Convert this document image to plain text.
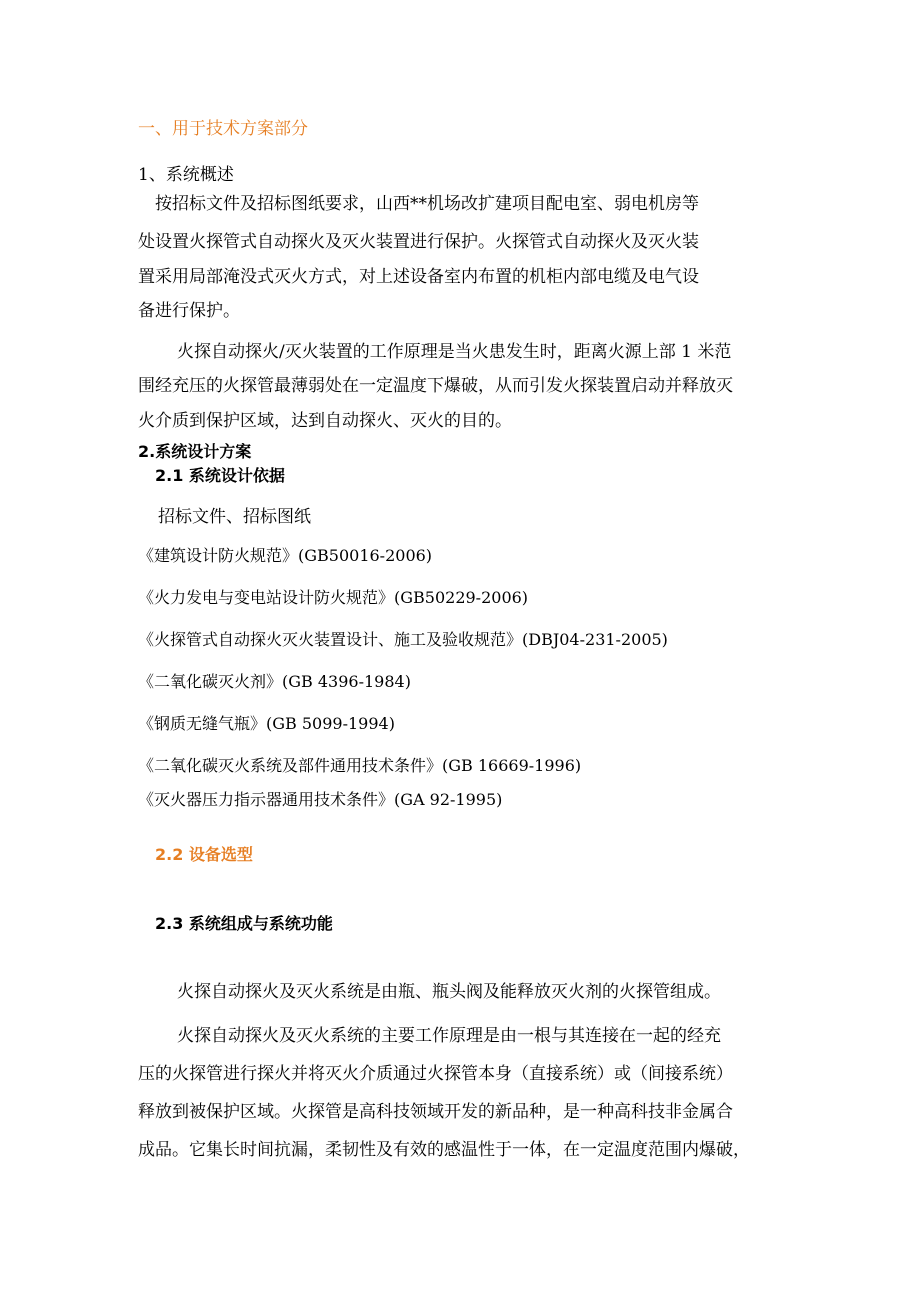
一、用于技术方案部分
1、系统概述
按招标文件及招标图纸要求，山西**机场改扩建项目配电室、弱电机房等
处设置火探管式自动探火及灭火装置进行保护。火探管式自动探火及灭火装
置采用局部淹没式灭火方式，对上述设备室内布置的机柜内部电缆及电气设
备进行保护。
火探自动探火/灭火装置的工作原理是当火患发生时，距离火源上部 1 米范
围经充压的火探管最薄弱处在一定温度下爆破，从而引发火探装置启动并释放灭
火介质到保护区域，达到自动探火、灭火的目的。
2.系统设计方案
2.1 系统设计依据
招标文件、招标图纸
《建筑设计防火规范》(GB50016-2006)
《火力发电与变电站设计防火规范》(GB50229-2006)
《火探管式自动探火灭火装置设计、施工及验收规范》(DBJ04-231-2005)
《二氧化碳灭火剂》(GB 4396-1984)
《钢质无缝气瓶》(GB 5099-1994)
《二氧化碳灭火系统及部件通用技术条件》(GB 16669-1996)
《灭火器压力指示器通用技术条件》(GA 92-1995)
2.2 设备选型
2.3 系统组成与系统功能
火探自动探火及灭火系统是由瓶、瓶头阀及能释放灭火剂的火探管组成。
火探自动探火及灭火系统的主要工作原理是由一根与其连接在一起的经充
压的火探管进行探火并将灭火介质通过火探管本身（直接系统）或（间接系统）
释放到被保护区域。火探管是高科技领域开发的新品种，是一种高科技非金属合
成品。它集长时间抗漏，柔韧性及有效的感温性于一体，在一定温度范围内爆破，
